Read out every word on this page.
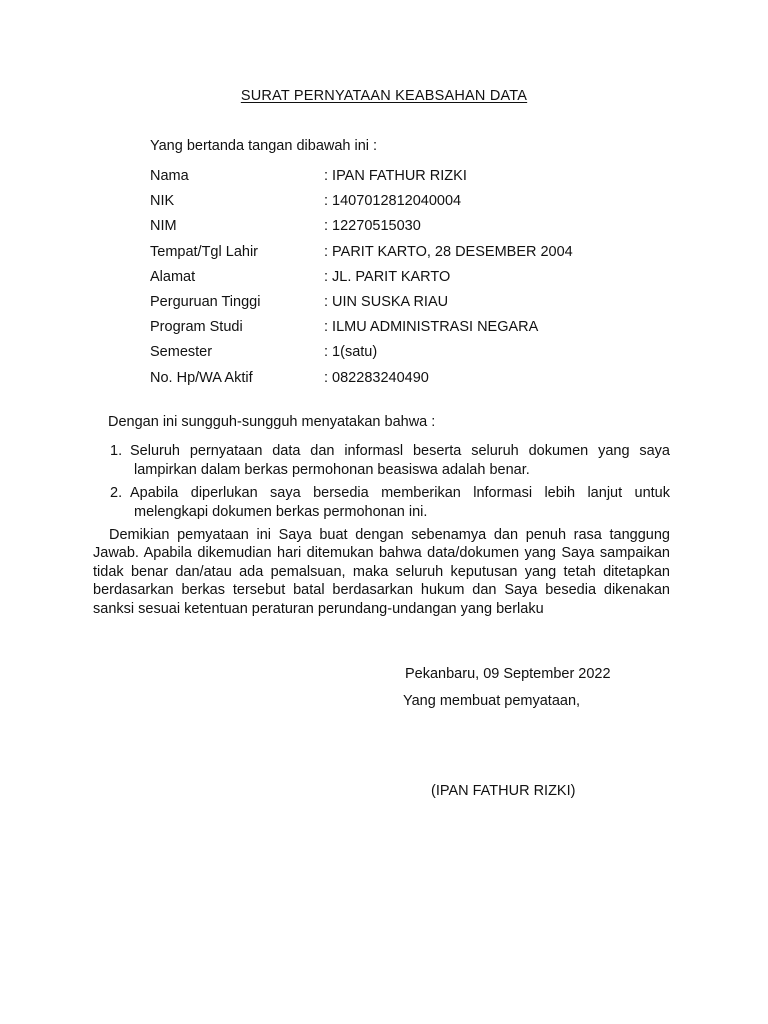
SURAT PERNYATAAN KEABSAHAN DATA
Yang bertanda tangan dibawah ini :
Nama	: IPAN FATHUR RIZKI
NIK	: 1407012812040004
NIM	: 12270515030
Tempat/Tgl Lahir	: PARIT KARTO, 28 DESEMBER 2004
Alamat	: JL. PARIT KARTO
Perguruan Tinggi	: UIN SUSKA RIAU
Program Studi	: ILMU ADMINISTRASI NEGARA
Semester	: 1(satu)
No. Hp/WA Aktif	: 082283240490
Dengan ini sungguh-sungguh menyatakan bahwa :
1. Seluruh pernyataan data dan informasl beserta seluruh dokumen yang saya
lampirkan dalam berkas permohonan beasiswa adalah benar.
2. Apabila diperlukan saya bersedia memberikan lnformasi lebih lanjut untuk
melengkapi dokumen berkas permohonan ini.
Demikian pemyataan ini Saya buat dengan sebenamya dan penuh rasa tanggung Jawab. Apabila dikemudian hari ditemukan bahwa data/dokumen yang Saya sampaikan tidak benar dan/atau ada pemalsuan, maka seluruh keputusan yang tetah ditetapkan berdasarkan berkas tersebut batal berdasarkan hukum dan Saya besedia dikenakan sanksi sesuai ketentuan peraturan perundang-undangan yang berlaku
Pekanbaru, 09 September 2022
Yang membuat pemyataan,
(IPAN FATHUR RIZKI)
